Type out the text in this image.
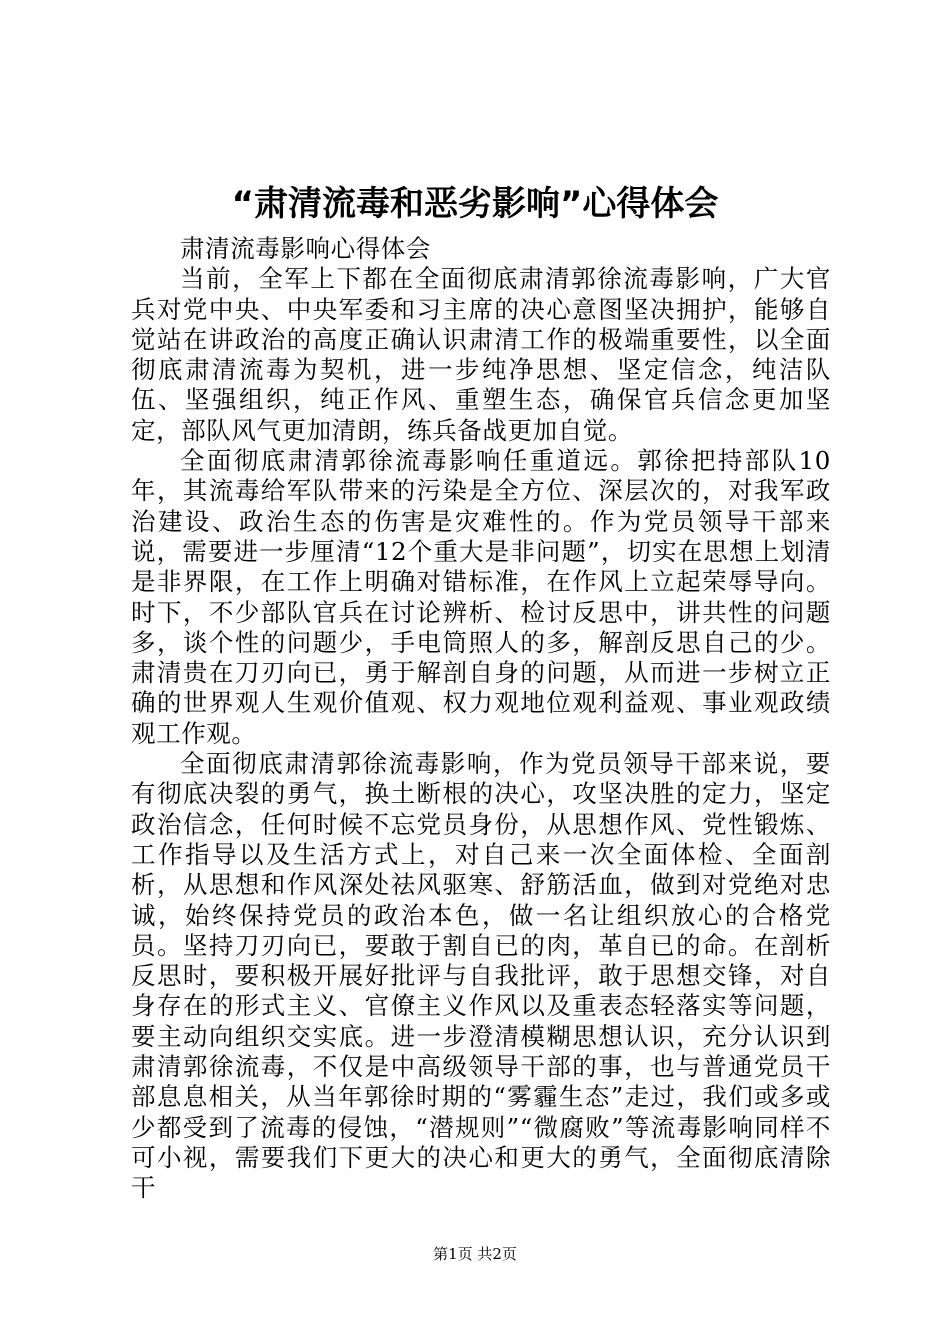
“肃清流毒和恶劣影响”心得体会

肃清流毒影响心得体会

当前，全军上下都在全面彻底肃清郭徐流毒影响，广大官兵对党中央、中央军委和习主席的决心意图坚决拥护，能够自觉站在讲政治的高度正确认识肃清工作的极端重要性，以全面彻底肃清流毒为契机，进一步纯净思想、坚定信念，纯洁队伍、坚强组织，纯正作风、重塑生态，确保官兵信念更加坚定，部队风气更加清朗，练兵备战更加自觉。

全面彻底肃清郭徐流毒影响任重道远。郭徐把持部队10年，其流毒给军队带来的污染是全方位、深层次的，对我军政治建设、政治生态的伤害是灾难性的。作为党员领导干部来说，需要进一步厘清“12个重大是非问题”，切实在思想上划清是非界限，在工作上明确对错标准，在作风上立起荣辱导向。时下，不少部队官兵在讨论辨析、检讨反思中，讲共性的问题多，谈个性的问题少，手电筒照人的多，解剖反思自己的少。肃清贵在刀刃向已，勇于解剖自身的问题，从而进一步树立正确的世界观人生观价值观、权力观地位观利益观、事业观政绩观工作观。

全面彻底肃清郭徐流毒影响，作为党员领导干部来说，要有彻底决裂的勇气，换土断根的决心，攻坚决胜的定力，坚定政治信念，任何时候不忘党员身份，从思想作风、党性锻炼、工作指导以及生活方式上，对自己来一次全面体检、全面剖析，从思想和作风深处祛风驱寒、舒筋活血，做到对党绝对忠诚，始终保持党员的政治本色，做一名让组织放心的合格党员。坚持刀刃向已，要敢于割自已的肉，革自已的命。在剖析反思时，要积极开展好批评与自我批评，敢于思想交锋，对自身存在的形式主义、官僚主义作风以及重表态轻落实等问题，要主动向组织交实底。进一步澄清模糊思想认识，充分认识到肃清郭徐流毒，不仅是中高级领导干部的事，也与普通党员干部息息相关，从当年郭徐时期的“雾霾生态”走过，我们或多或少都受到了流毒的侵蚀，“潜规则”“微腐败”等流毒影响同样不可小视，需要我们下更大的决心和更大的勇气，全面彻底清除干

第1页 共2页
